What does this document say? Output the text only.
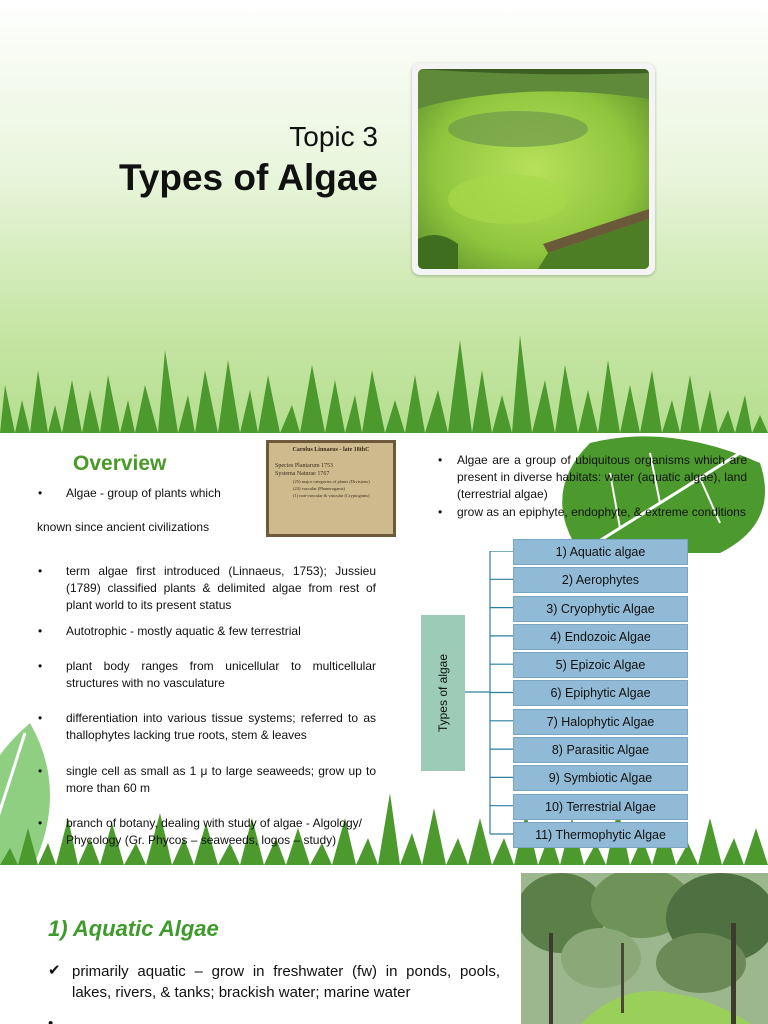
Topic 3
Types of Algae
Overview
Carolus Linnaeus - late 18thC
Species Plantarum 1753
Systema Naturae 1767
(25) major categories of plants (Divisions)
(24) vascular (Phanerogams)
(1) non-vascular & vascular (Cryptogams)
• Algae - group of plants which
known since ancient civilizations
• term algae first introduced (Linnaeus, 1753); Jussieu (1789) classified plants & delimited algae from rest of plant world to its present status
• Autotrophic - mostly aquatic & few terrestrial
• plant body ranges from unicellular to multicellular structures with no vasculature
• differentiation into various tissue systems; referred to as thallophytes lacking true roots, stem & leaves
• single cell as small as 1 μ to large seaweeds; grow up to more than 60 m
• branch of botany, dealing with study of algae - Algology/ Phycology (Gr. Phycos – seaweeds, logos – study)
• Algae are a group of ubiquitous organisms which are present in diverse habitats: water (aquatic algae), land (terrestrial algae)
• grow as an epiphyte, endophyte, & extreme conditions
Types of algae
1) Aquatic algae
2) Aerophytes
3) Cryophytic Algae
4) Endozoic Algae
5) Epizoic Algae
6) Epiphytic Algae
7) Halophytic Algae
8) Parasitic Algae
9) Symbiotic Algae
10) Terrestrial Algae
11) Thermophytic Algae
1) Aquatic Algae
✔ primarily aquatic – grow in freshwater (fw) in ponds, pools, lakes, rivers, & tanks; brackish water; marine water
•
